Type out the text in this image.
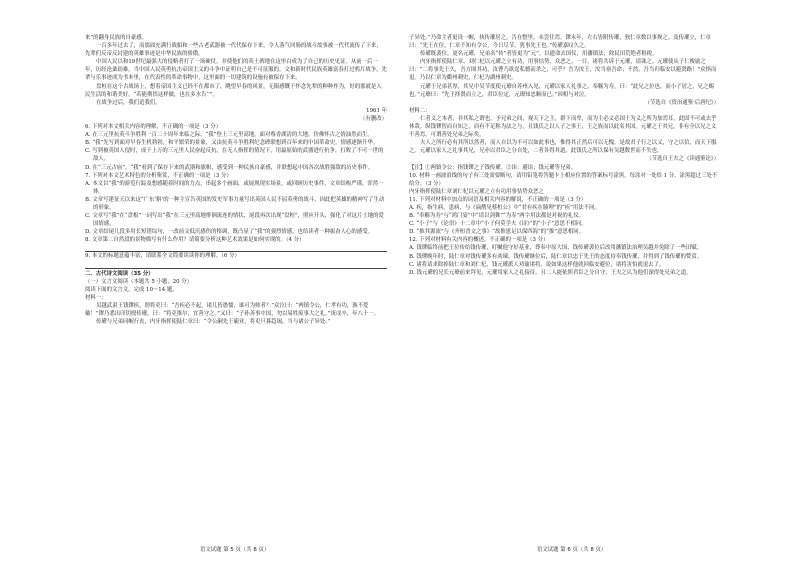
来”的翻身民族的自豪感。

一百多年过去了，而那面充满行战船和一些古老武器被一代代保存下来，令人落气回肠的战斗故事被一代代流传了下来，先辈们反帝反封建的英雄事迹是中华民族的骄傲。

中国人民以和19世纪最强大的侵略者打了一场硬仗，并使他们的英士碑地在这里白成为了自己的历史见证。从前一后一年，历经沧桑劫难，当中国人民英勇抗击帝国主义的斗争中证明自己是不可征服的。文和新时代民族英雄富春打过鸦片战争，先辈与乐事迹成为书本里，在代表性的革命事物中，这里面的一切建筑的设施有被保存下来。

盘桓在这个古战场上，想着帝国主义已经不在都市了，眺望早春的风景，无限感慨于怀念先辈的种种作为，好的那就是人民生活的和谐美好。“若能彻悟这样做，也在多水告‘’”。

在战争过后，我们追我们。

1961 年

（有删改）

6. 下列对本文相关内容的理解，不正确的一项是（3 分）

A. 在三元里抗英斗争胜利一百二十周年来临之际，“我”登上三元里高地，面对蔡香湖清的大地，仿佛怀古之情油然而生。

B. “我”先写到面对早春生机勃勃，和平繁荣的景象，又由抗英斗争胜利纪念碑联想到百年来的中国革命史，情感逐渐升华。

C. 写到被英国人侵时，成千上万的三元里人民奋起反抗，在无人指挥的情况下，用最原始的武器进行抗争，打败了不可一世的敌人。

D. 在“三元古庙”，“我”看到了保存下来的武器和旗帜，感受到一种民族自豪感，并联想起中国各次战胜强敌的历史事件。

7. 下列对本文艺术特色的分析鉴赏，不正确的一项是（3 分）

A. 本文以“我”的游览行踪及想感随着时间的力点，串起多个画面，或展现现实场景，或回顾历史事件，文章结构严谨，浑然一体。

B. 文章写建征天以来这“广东‘斛’的一种主宣告英国的发史军事力量写出英国人民不屈英勇的战斗，因此把英雄的精神写了生动的形象。

C. 文章写“我”在“盘根”一词写出“我”在三元里高地徘徊流连的情状，尾段再次出现“盘桓”，照应开头，强化了对这片土地的爱国情感。

D. 文章结尾几段多用长短错综句，一改前文低沉感伤的格调，既凸显了“我”的强烈情感，也给读者一种振奋人心的感受。

8. 文章第二自然段的景物描写有什么作用？请简要分析这种艺术效果是如何实现的。（4 分）

9. 本文的标题意蕴丰富，请联系全文简要谈谈你的理解。（6 分）

二、古代诗文阅读（35 分）

（一）文言文阅读（本题共 5 小题，20 分）

阅读下面的文言文，完成 10～14 题。

材料一：

吴越武肃王钱镠疾，谓将吏曰：“吾疾必不起，诸儿皆愚懦，谁可为帅者？”众泣曰：“两镇令公，仁孝有功，孰不爱戴！”镠乃悉出印钥授传瓘，曰：“将吏推尔，宜善守之。”又曰：“子孙善事中国，勿以易姓废事大之礼。”庚戌卒，年八十一。

传瓘与兄弟同幄行丧，内牙指挥使陆仁章曰：“令公嗣先王霸业，将吏旦暮趋谒，当与诸公子异处。”

语文试题 第 5 页（共 8 页）

子异处。”乃命主者更设一幄，执传瓘居之，告在整里，未尝往焉。镠末年，左右皆附传瓘，独仁章数以事规之。及传瓘立，仁章曰：“先王在位，仁章不知有令公，今日尽节，犹事先王也。”传瓘嘉叹久之。

传瓘既袭位，更名元瓘，兄弟名“传”者皆更为“元”。以遗命去国仪，用藩镇法；除民田荒绝者租税。

内牙指挥使陆仁章、刘仁杞以元瓘之立有功，用事怙势，众恶之。一日，诸将共诉于元瓘，请诛之。元瓘使从子仁俊谕之曰：“二将事先王久，吾方图其功，汝曹乃欲逞私憾而杀之，可乎？吾为汝王，汝当禀吾命；不然，吾当归临安以避贤路！”众惧而退。乃以仁章为衢州刺史，仁杞为湖州刺史。

元瓘于兄弟甚厚，其兄中吴节度使元璙自苏州入见，元瓘以家人礼事之，奉觞为寿，曰：“此兄之位也，而小子居之，兄之赐也。”元璙曰：“先王择贤而立之，君臣位定，元璙知忠顺而已。”因相与对泣。

（节选自《资治通鉴·后唐纪》）

材料二：

仁者义之本者，非其私之谓也。予兄弟之间，视天下之主，群下而卑，而为主必义必国士为义之所为加焉耳。此固不可或去乎休哉。纵钱镠智而自知之，而有不足称为法之与，且钱氏之以人子之事王，王之族而以此名其国。元瓘之于其兄，非有全以兄之义不善焉，可谓善处兄弟之际矣。

夫人之所行必有其所以然者，而人自以为不可以如此事也，惟得其正然后可以无愧。是故君子行之以义，守之以信，而天下服之。元瓘以家人之礼事其兄，兄亦以君臣之分自处，二者各得其道，此钱氏之所以保有吴越数世而不失也。

（节选自王夫之《读通鉴论》）

【注】①两镇令公：指钱镠之子钱传瓘。②讳：避讳；钱元瓘等兄弟。

10. 材料一画波浪线的句子有三处需要断句，请用铅笔将答题卡上相应位置的答案标号涂黑，每涂对一处给 1 分，涂黑超过三处不给分。（3 分）

内牙指挥使陆仁章刘仁杞以元瓘之立有功用事怙势众恶之

11. 下列对材料中加点的词语及相关内容的解说，不正确的一项是（3 分）

A. 疾，指生病，患病，与《扁鹊见蔡桓公》中“君有疾在腠理”的“疾”用法不同。

B. “奉觞为寿”与“鸿门宴”中“请以剑舞”“为寿”两字用法都是对祝的礼仪。

C. “小子”与《论语》十二章中“小子何莫学夫《诗》”的“小子”意思不相同。

D. “推其源流”与《齐桓晋文之事》“故推恩足以保四海”的“推”意思相同。

12. 下列对材料有关内容的概述，不正确的一项是（3 分）

A. 钱镠临终前把王位传给钱传瓘，叮嘱他守好基业，尊奉中原大国，钱传瓘袭位后改用藩镇法治理吴越并免除了一些田赋。

B. 钱镠晚年时，陆仁章对钱传瓘多有劝谏，钱传瓘继位后，陆仁章以忠于先王的态度侍奉钱传瓘，并得到了钱传瓘的赞赏。

C. 诸将请求除掉陆仁章和刘仁杞，钱元瓘派人劝谕诸将，说如果这样他就回临安避位，诸将害怕就退去了。

D. 钱元瓘的兄长元璙前来拜见，元瓘用家人之礼接待，且二人能依照君臣之分自守，王夫之认为他们深得处兄弟之道。

语文试题 第 6 页（共 8 页）
